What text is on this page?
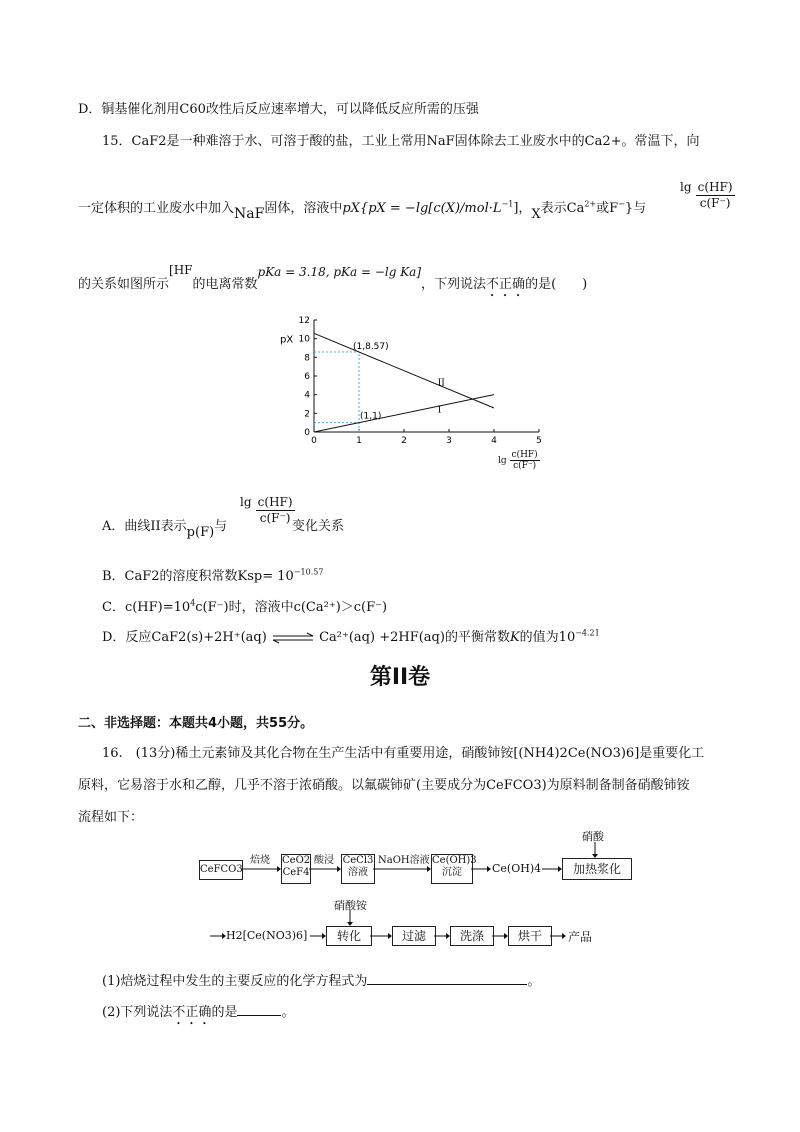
D．铜基催化剂用C60改性后反应速率增大，可以降低反应所需的压强
15．CaF2是一种难溶于水、可溶于酸的盐，工业上常用NaF固体除去工业废水中的Ca2+。常温下，向
一定体积的工业废水中加入NaF固体，溶液中$pX\{pX = -\lg[c(X)/mol\cdot L^{-1}]$，X表示$Ca^{2+}$或F−}与
$\lg \frac{c(HF)}{c(F^-)}$
的关系如图所示[HF的电离常数pKa = 3.18, pKa = −lg Ka]，下列说法不正确的是(　　)
0	1	2	3	4	5
0
2
4
6
8
10
12
pX
II
I
(1,8.57)
(1,1)
$\lg \frac{c(HF)}{c(F^-)}$
A．曲线II表示p(F)与
$\lg \frac{c(HF)}{c(F^-)}$
变化关系
B．CaF2的溶度积常数$Ksp= 10^{-10.57}$
C．$c(HF)=10^4c(F^-)$时，溶液中c(Ca²⁺)＞c(F⁻)
D．反应CaF2(s)+2H⁺(aq) ⇌ Ca²⁺(aq) +2HF(aq)的平衡常数K的值为$10^{-4.21}$
第II卷
二、非选择题：本题共4小题，共55分。
16.　(13分)稀土元素铈及其化合物在生产生活中有重要用途，硝酸铈铵[(NH4)2Ce(NO3)6]是重要化工
原料，它易溶于水和乙醇，几乎不溶于浓硝酸。以氟碳铈矿(主要成分为CeFCO3)为原料制备制备硝酸铈铵
流程如下：
CeFCO3
焙烧 CeO2
CeF4
酸浸 CeCl3
溶液
NaOH溶液 Ce(OH)3
沉淀	Ce(OH)4
硝酸
加热浆化
H2[Ce(NO3)6]
硝酸铵
转化	过滤	洗涤	烘干	产品
(1)焙烧过程中发生的主要反应的化学方程式为	。
(2)下列说法不正确的是	。
